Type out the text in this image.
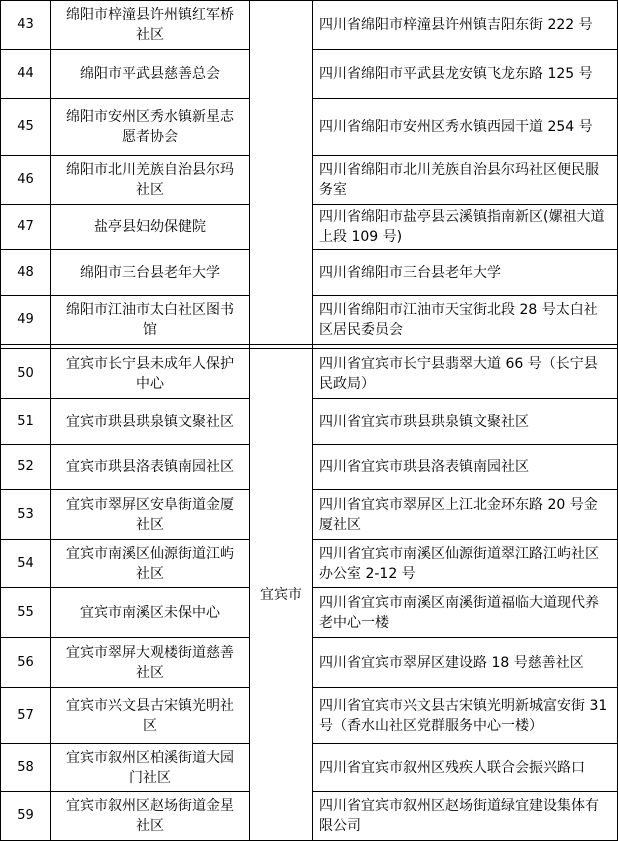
43	绵阳市梓潼县许州镇红军桥社区		四川省绵阳市梓潼县许州镇吉阳东街 222 号
44	绵阳市平武县慈善总会		四川省绵阳市平武县龙安镇飞龙东路 125 号
45	绵阳市安州区秀水镇新星志愿者协会		四川省绵阳市安州区秀水镇西园干道 254 号
46	绵阳市北川羌族自治县尔玛社区		四川省绵阳市北川羌族自治县尔玛社区便民服务室
47	盐亭县妇幼保健院		四川省绵阳市盐亭县云溪镇指南新区(嫘祖大道上段 109 号)
48	绵阳市三台县老年大学		四川省绵阳市三台县老年大学
49	绵阳市江油市太白社区图书馆		四川省绵阳市江油市天宝街北段 28 号太白社区居民委员会

50	宜宾市长宁县未成年人保护中心	宜宾市	四川省宜宾市长宁县翡翠大道 66 号（长宁县民政局）
51	宜宾市珙县珙泉镇文聚社区		四川省宜宾市珙县珙泉镇文聚社区
52	宜宾市珙县洛表镇南园社区		四川省宜宾市珙县洛表镇南园社区
53	宜宾市翠屏区安阜街道金厦社区		四川省宜宾市翠屏区上江北金环东路 20 号金厦社区
54	宜宾市南溪区仙源街道江屿社区		四川省宜宾市南溪区仙源街道翠江路江屿社区办公室 2-12 号
55	宜宾市南溪区未保中心		四川省宜宾市南溪区南溪街道福临大道现代养老中心一楼
56	宜宾市翠屏大观楼街道慈善社区		四川省宜宾市翠屏区建设路 18 号慈善社区
57	宜宾市兴文县古宋镇光明社区		四川省宜宾市兴文县古宋镇光明新城富安街 31 号（香水山社区党群服务中心一楼）
58	宜宾市叙州区柏溪街道大园门社区		四川省宜宾市叙州区残疾人联合会振兴路口
59	宜宾市叙州区赵场街道金星社区		四川省宜宾市叙州区赵场街道绿宜建设集体有限公司
